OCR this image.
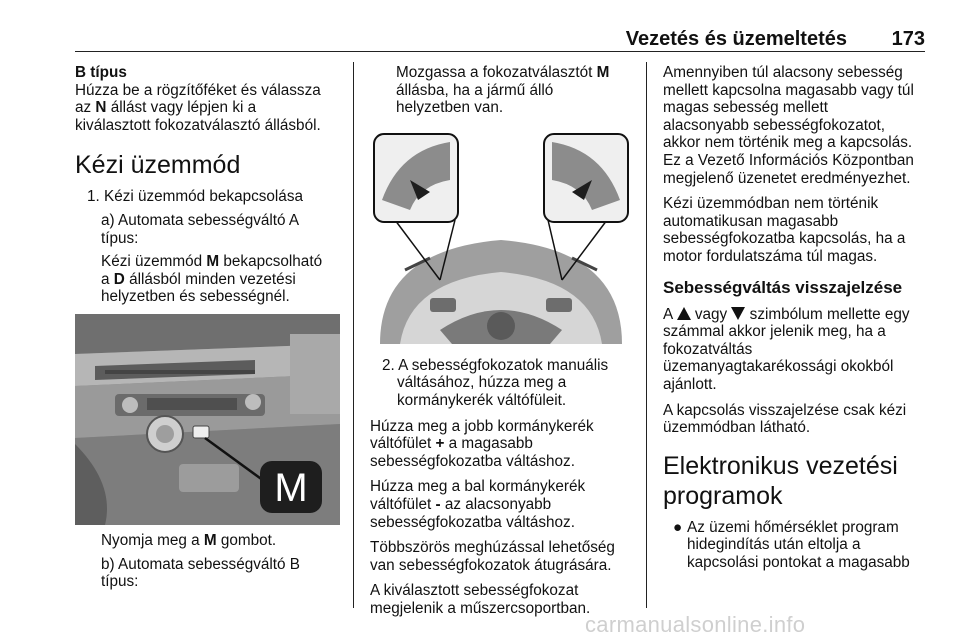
Vezetés és üzemeltetés 173
B típus
Húzza be a rögzítőféket és válassza
az N állást vagy lépjen ki a
kiválasztott fokozatválasztó állásból.
Kézi üzemmód
1. Kézi üzemmód bekapcsolása
a) Automata sebességváltó A
típus:
Kézi üzemmód M bekapcsolható
a D állásból minden vezetési
helyzetben és sebességnél.
M
Nyomja meg a M gombot.
b) Automata sebességváltó B
típus:
Mozgassa a fokozatválasztót M
állásba, ha a jármű álló
helyzetben van.
2. A sebességfokozatok manuális
váltásához, húzza meg a
kormánykerék váltófüleit.
Húzza meg a jobb kormánykerék
váltófület + a magasabb
sebességfokozatba váltáshoz.
Húzza meg a bal kormánykerék
váltófület - az alacsonyabb
sebességfokozatba váltáshoz.
Többszörös meghúzással lehetőség
van sebességfokozatok átugrására.
A kiválasztott sebességfokozat
megjelenik a műszercsoportban.
Amennyiben túl alacsony sebesség
mellett kapcsolna magasabb vagy túl
magas sebesség mellett
alacsonyabb sebességfokozatot,
akkor nem történik meg a kapcsolás.
Ez a Vezető Információs Központban
megjelenő üzenetet eredményezhet.
Kézi üzemmódban nem történik
automatikusan magasabb
sebességfokozatba kapcsolás, ha a
motor fordulatszáma túl magas.
Sebességváltás visszajelzése
A  vagy  szimbólum mellette egy
számmal akkor jelenik meg, ha a
fokozatváltás
üzemanyagtakarékossági okokból
ajánlott.
A kapcsolás visszajelzése csak kézi
üzemmódban látható.
Elektronikus vezetési
programok
● Az üzemi hőmérséklet program
hidegindítás után eltolja a
kapcsolási pontokat a magasabb
carmanualsonline.info
